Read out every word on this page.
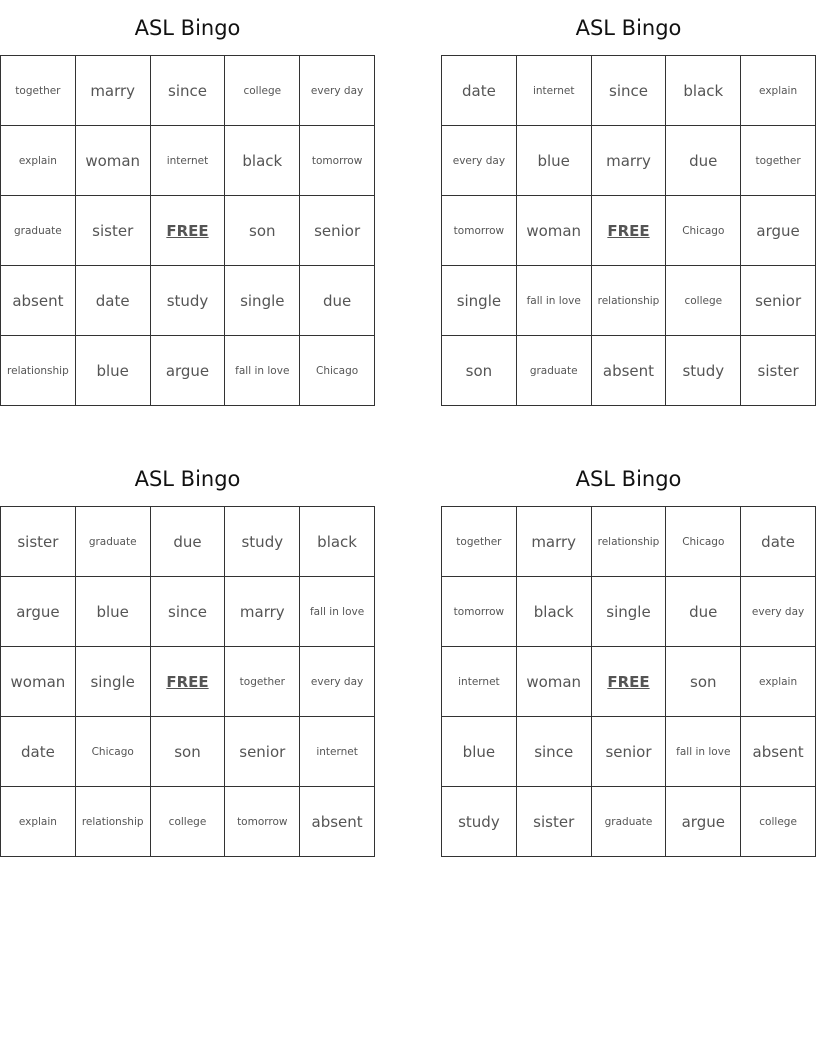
ASL Bingo
together	marry	since	college	every day
explain	woman	internet	black	tomorrow
graduate	sister	FREE	son	senior
absent	date	study	single	due
relationship	blue	argue	fall in love	Chicago
ASL Bingo
date	internet	since	black	explain
every day	blue	marry	due	together
tomorrow	woman	FREE	Chicago	argue
single	fall in love	relationship	college	senior
son	graduate	absent	study	sister
ASL Bingo
sister	graduate	due	study	black
argue	blue	since	marry	fall in love
woman	single	FREE	together	every day
date	Chicago	son	senior	internet
explain	relationship	college	tomorrow	absent
ASL Bingo
together	marry	relationship	Chicago	date
tomorrow	black	single	due	every day
internet	woman	FREE	son	explain
blue	since	senior	fall in love	absent
study	sister	graduate	argue	college
